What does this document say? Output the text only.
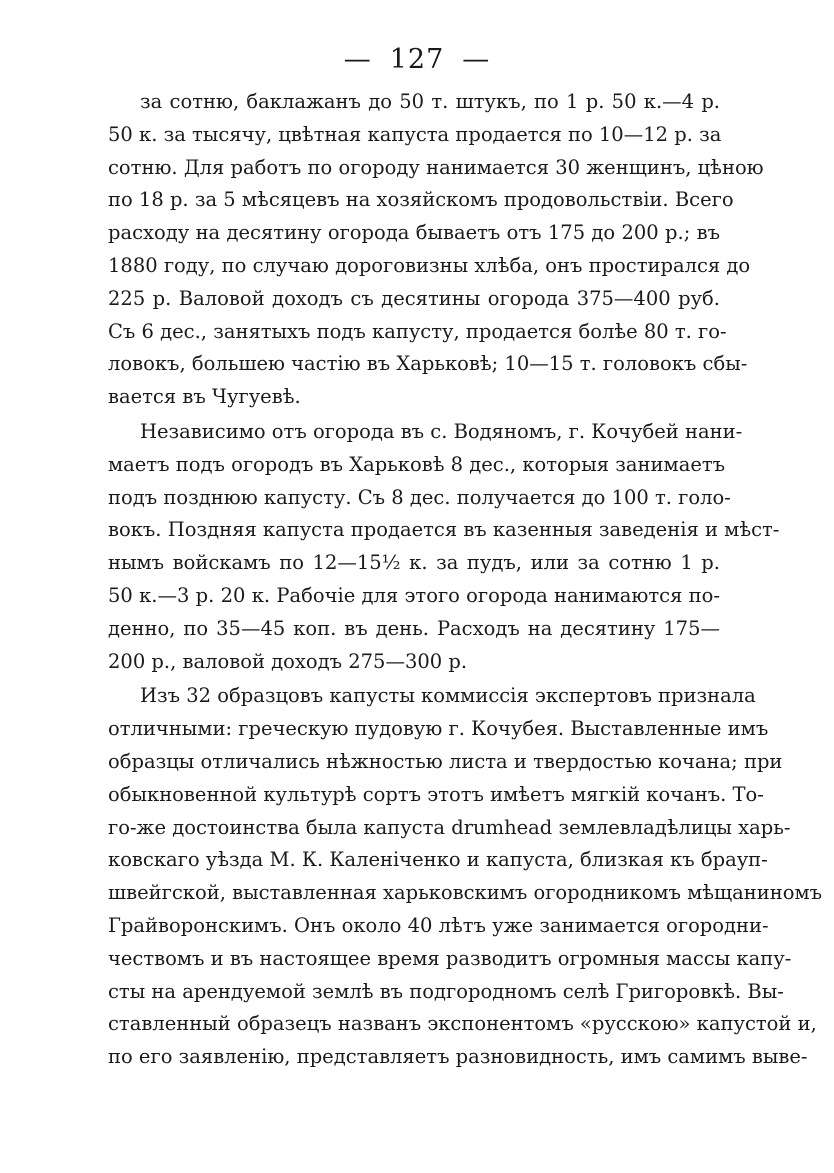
— 127 —
за сотню, баклажанъ до 50 т. штукъ, по 1 р. 50 к.—4 р.
50 к. за тысячу, цвѣтная капуста продается по 10—12 р. за
сотню. Для работъ по огороду нанимается 30 женщинъ, цѣною
по 18 р. за 5 мѣсяцевъ на хозяйскомъ продовольствіи. Всего
расходу на десятину огорода бываетъ отъ 175 до 200 р.; въ
1880 году, по случаю дороговизны хлѣба, онъ простирался до
225 р. Валовой доходъ съ десятины огорода 375—400 руб.
Съ 6 дес., занятыхъ подъ капусту, продается болѣе 80 т. го-
ловокъ, большею частію въ Харьковѣ; 10—15 т. головокъ сбы-
вается въ Чугуевѣ.
Независимо отъ огорода въ с. Водяномъ, г. Кочубей нани-
маетъ подъ огородъ въ Харьковѣ 8 дес., которыя занимаетъ
подъ позднюю капусту. Съ 8 дес. получается до 100 т. голо-
вокъ. Поздняя капуста продается въ казенныя заведенія и мѣст-
нымъ войскамъ по 12—15½ к. за пудъ, или за сотню 1 р.
50 к.—3 р. 20 к. Рабочіе для этого огорода нанимаются по-
денно, по 35—45 коп. въ день. Расходъ на десятину 175—
200 р., валовой доходъ 275—300 р.
Изъ 32 образцовъ капусты коммиссія экспертовъ признала
отличными: греческую пудовую г. Кочубея. Выставленные имъ
образцы отличались нѣжностью листа и твердостью кочана; при
обыкновенной культурѣ сортъ этотъ имѣетъ мягкій кочанъ. То-
го-же достоинства была капуста drumhead землевладѣлицы харь-
ковскаго уѣзда М. К. Каленіченко и капуста, близкая къ брауп-
швейгской, выставленная харьковскимъ огородникомъ мѣщаниномъ
Грайворонскимъ. Онъ около 40 лѣтъ уже занимается огородни-
чествомъ и въ настоящее время разводитъ огромныя массы капу-
сты на арендуемой землѣ въ подгородномъ селѣ Григоровкѣ. Вы-
ставленный образецъ названъ экспонентомъ «русскою» капустой и,
по его заявленію, представляетъ разновидность, имъ самимъ выве-
